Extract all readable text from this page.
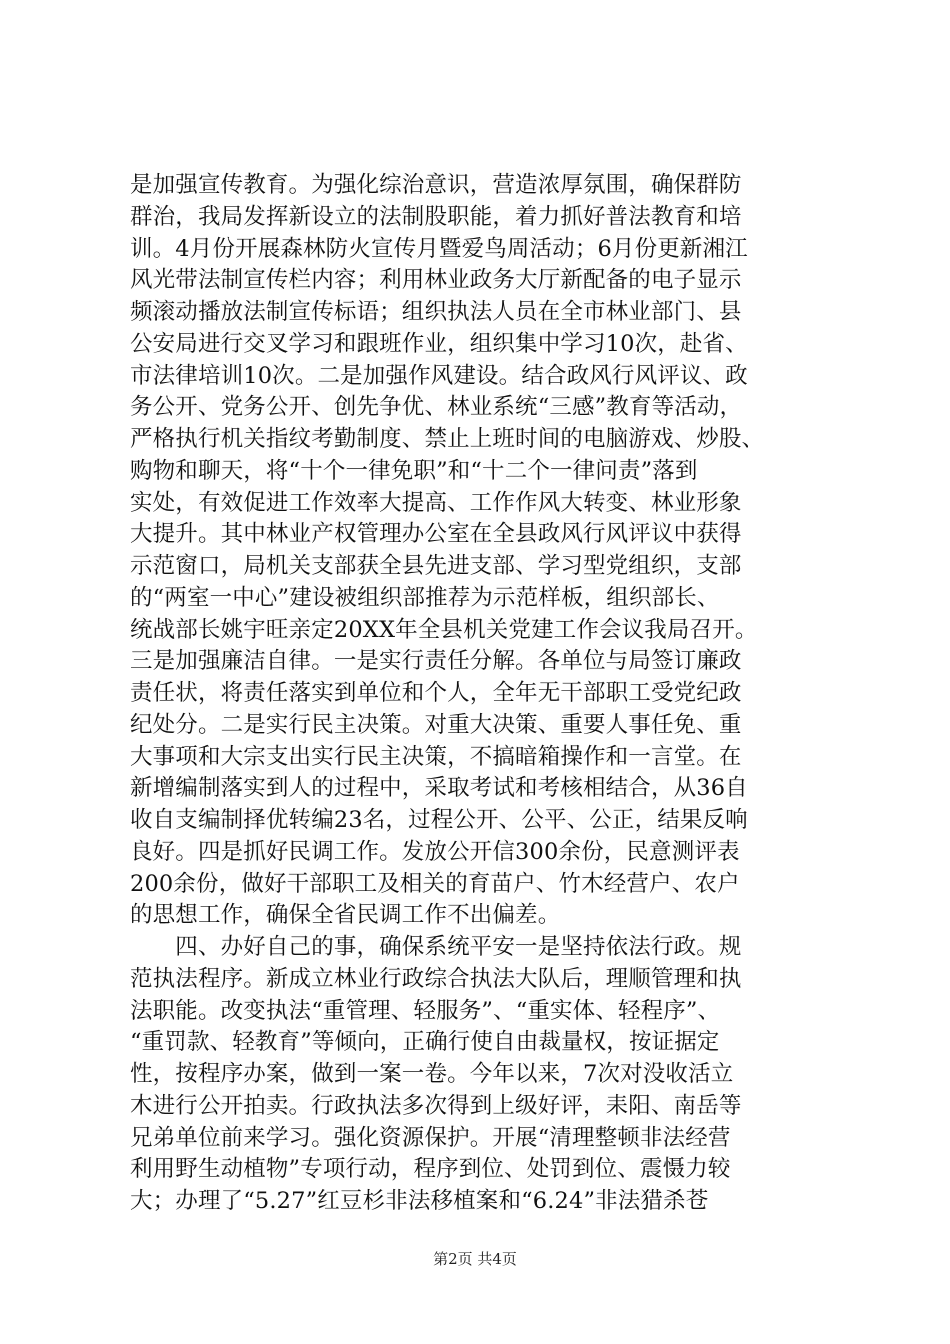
是加强宣传教育。为强化综治意识，营造浓厚氛围，确保群防
群治，我局发挥新设立的法制股职能，着力抓好普法教育和培
训。4月份开展森林防火宣传月暨爱鸟周活动；6月份更新湘江
风光带法制宣传栏内容；利用林业政务大厅新配备的电子显示
频滚动播放法制宣传标语；组织执法人员在全市林业部门、县
公安局进行交叉学习和跟班作业，组织集中学习10次，赴省、
市法律培训10次。二是加强作风建设。结合政风行风评议、政
务公开、党务公开、创先争优、林业系统“三感”教育等活动，
严格执行机关指纹考勤制度、禁止上班时间的电脑游戏、炒股、
购物和聊天，将“十个一律免职”和“十二个一律问责”落到
实处，有效促进工作效率大提高、工作作风大转变、林业形象
大提升。其中林业产权管理办公室在全县政风行风评议中获得
示范窗口，局机关支部获全县先进支部、学习型党组织，支部
的“两室一中心”建设被组织部推荐为示范样板，组织部长、
统战部长姚宇旺亲定20XX年全县机关党建工作会议我局召开。
三是加强廉洁自律。一是实行责任分解。各单位与局签订廉政
责任状，将责任落实到单位和个人，全年无干部职工受党纪政
纪处分。二是实行民主决策。对重大决策、重要人事任免、重
大事项和大宗支出实行民主决策，不搞暗箱操作和一言堂。在
新增编制落实到人的过程中，采取考试和考核相结合，从36自
收自支编制择优转编23名，过程公开、公平、公正，结果反响
良好。四是抓好民调工作。发放公开信300余份，民意测评表
200余份，做好干部职工及相关的育苗户、竹木经营户、农户
的思想工作，确保全省民调工作不出偏差。
　　四、办好自己的事，确保系统平安一是坚持依法行政。规
范执法程序。新成立林业行政综合执法大队后，理顺管理和执
法职能。改变执法“重管理、轻服务”、“重实体、轻程序”、
“重罚款、轻教育”等倾向，正确行使自由裁量权，按证据定
性，按程序办案，做到一案一卷。今年以来，7次对没收活立
木进行公开拍卖。行政执法多次得到上级好评，耒阳、南岳等
兄弟单位前来学习。强化资源保护。开展“清理整顿非法经营
利用野生动植物”专项行动，程序到位、处罚到位、震慑力较
大；办理了“5.27”红豆杉非法移植案和“6.24”非法猎杀苍
第2页 共4页
